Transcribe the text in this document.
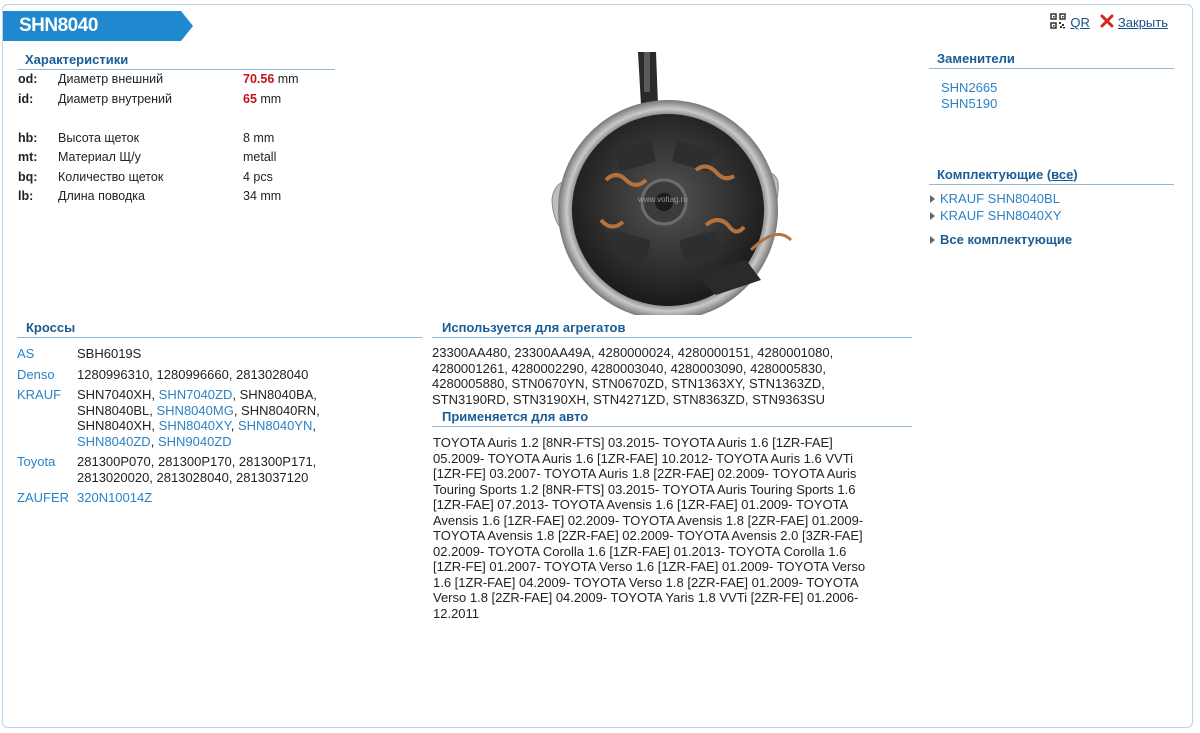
SHN8040	QR Закрыть
Характеристики
od:	Диаметр внешний	70.56 mm
id:	Диаметр внутрений	65 mm

hb:	Высота щеток	8 mm
mt:	Материал Щ/у	metall
bq:	Количество щеток	4 pcs
lb:	Длина поводка	34 mm	www.voltag.ru
Заменители
SHN2665
SHN5190
Комплектующие (все)
KRAUF SHN8040BL
KRAUF SHN8040XY
Все комплектующие
Кроссы
AS	SBH6019S

Denso	1280996310, 1280996660, 2813028040

KRAUF	SHN7040XH, SHN7040ZD, SHN8040BA,
SHN8040BL, SHN8040MG, SHN8040RN,
SHN8040XH, SHN8040XY, SHN8040YN,
SHN8040ZD, SHN9040ZD

Toyota	281300P070, 281300P170, 281300P171,
2813020020, 2813028040, 2813037120

ZAUFER	320N10014Z
Используется для агрегатов
23300AA480, 23300AA49A, 4280000024, 4280000151, 4280001080,
4280001261, 4280002290, 4280003040, 4280003090, 4280005830,
4280005880, STN0670YN, STN0670ZD, STN1363XY, STN1363ZD,
STN3190RD, STN3190XH, STN4271ZD, STN8363ZD, STN9363SU
Применяется для авто
TOYOTA Auris 1.2 [8NR-FTS] 03.2015- TOYOTA Auris 1.6 [1ZR-FAE]
05.2009- TOYOTA Auris 1.6 [1ZR-FAE] 10.2012- TOYOTA Auris 1.6 VVTi
[1ZR-FE] 03.2007- TOYOTA Auris 1.8 [2ZR-FAE] 02.2009- TOYOTA Auris
Touring Sports 1.2 [8NR-FTS] 03.2015- TOYOTA Auris Touring Sports 1.6
[1ZR-FAE] 07.2013- TOYOTA Avensis 1.6 [1ZR-FAE] 01.2009- TOYOTA
Avensis 1.6 [1ZR-FAE] 02.2009- TOYOTA Avensis 1.8 [2ZR-FAE] 01.2009-
TOYOTA Avensis 1.8 [2ZR-FAE] 02.2009- TOYOTA Avensis 2.0 [3ZR-FAE]
02.2009- TOYOTA Corolla 1.6 [1ZR-FAE] 01.2013- TOYOTA Corolla 1.6
[1ZR-FE] 01.2007- TOYOTA Verso 1.6 [1ZR-FAE] 01.2009- TOYOTA Verso
1.6 [1ZR-FAE] 04.2009- TOYOTA Verso 1.8 [2ZR-FAE] 01.2009- TOYOTA
Verso 1.8 [2ZR-FAE] 04.2009- TOYOTA Yaris 1.8 VVTi [2ZR-FE] 01.2006-
12.2011
